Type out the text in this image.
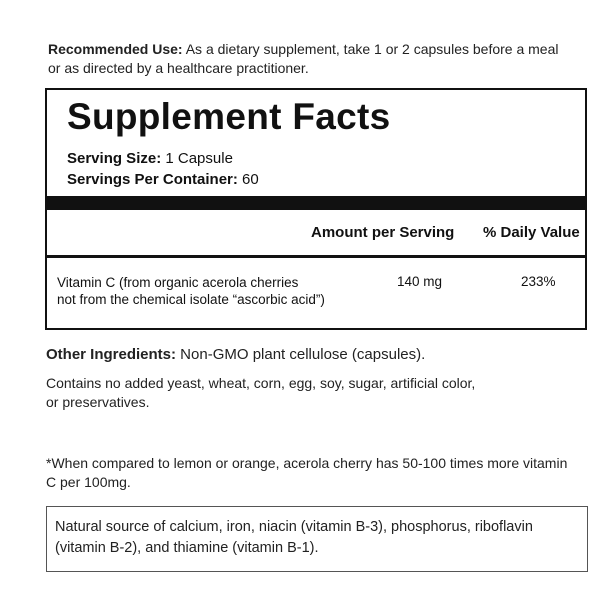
Recommended Use: As a dietary supplement, take 1 or 2 capsules before a meal or as directed by a healthcare practitioner.
Supplement Facts
Serving Size: 1 Capsule
Servings Per Container: 60
Amount per Serving % Daily Value
Vitamin C (from organic acerola cherries
not from the chemical isolate “ascorbic acid”)
140 mg	233%
Other Ingredients: Non-GMO plant cellulose (capsules).
Contains no added yeast, wheat, corn, egg, soy, sugar, artificial color, or preservatives.
*When compared to lemon or orange, acerola cherry has 50-100 times more vitamin C per 100mg.
Natural source of calcium, iron, niacin (vitamin B-3), phosphorus, riboflavin (vitamin B-2), and thiamine (vitamin B-1).
